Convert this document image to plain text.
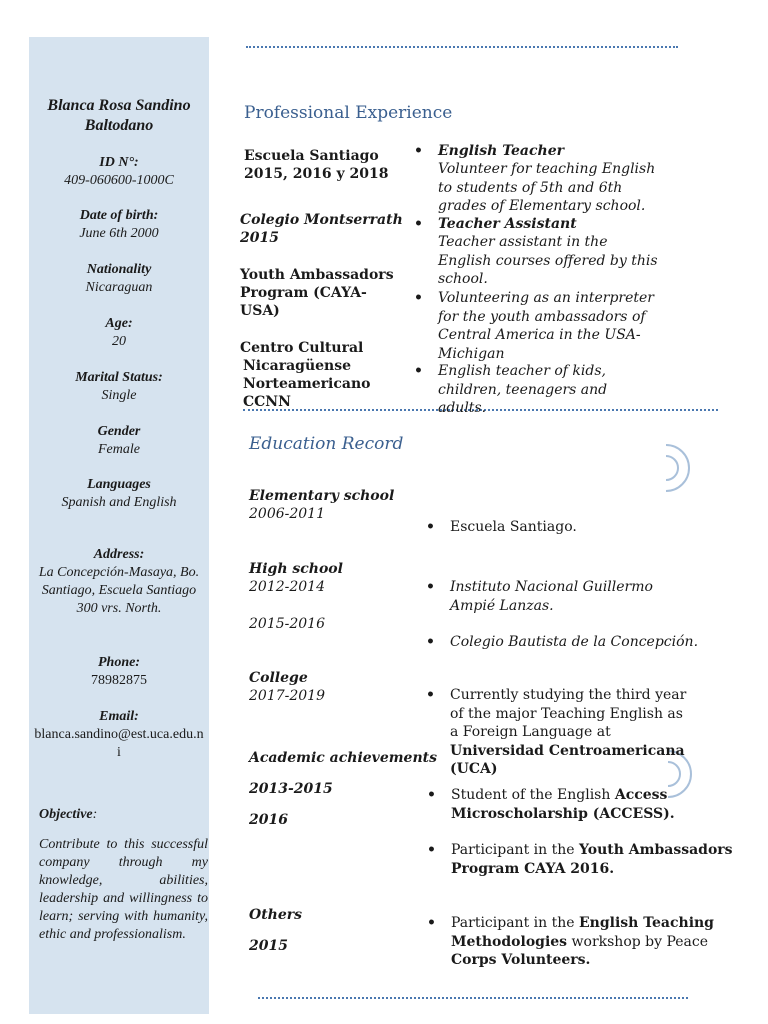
Blanca Rosa Sandino Baltodano
ID N°:
409-060600-1000C
Date of birth:
June 6th 2000
Nationality
Nicaraguan
Age:
20
Marital Status:
Single
Gender
Female
Languages
Spanish and English
Address:
La Concepción-Masaya, Bo. Santiago, Escuela Santiago 300 vrs. North.
Phone:
78982875
Email:
blanca.sandino@est.uca.edu.ni
Objective:
Contribute to this successful company through my knowledge, abilities, leadership and willingness to learn; serving with humanity, ethic and professionalism.
Professional Experience
Escuela Santiago
2015, 2016 y 2018
Colegio Montserrath
2015
Youth Ambassadors
Program (CAYA-
USA)
Centro Cultural
Nicaragüense
Norteamericano CCNN
• English Teacher
Volunteer for teaching English to students of 5th and 6th grades of Elementary school.
• Teacher Assistant
Teacher assistant in the English courses offered by this school.
• Volunteering as an interpreter for the youth ambassadors of Central America in the USA-Michigan
• English teacher of kids, children, teenagers and adults.
Education Record
Elementary school
2006-2011
High school
2012-2014
2015-2016
College
2017-2019
Academic achievements
2013-2015
2016
Others
2015
• Escuela Santiago.
• Instituto Nacional Guillermo Ampié Lanzas.
• Colegio Bautista de la Concepción.
• Currently studying the third year of the major Teaching English as a Foreign Language at Universidad Centroamericana (UCA)
• Student of the English Access Microscholarship (ACCESS).
• Participant in the Youth Ambassadors Program CAYA 2016.
• Participant in the English Teaching Methodologies workshop by Peace Corps Volunteers.
